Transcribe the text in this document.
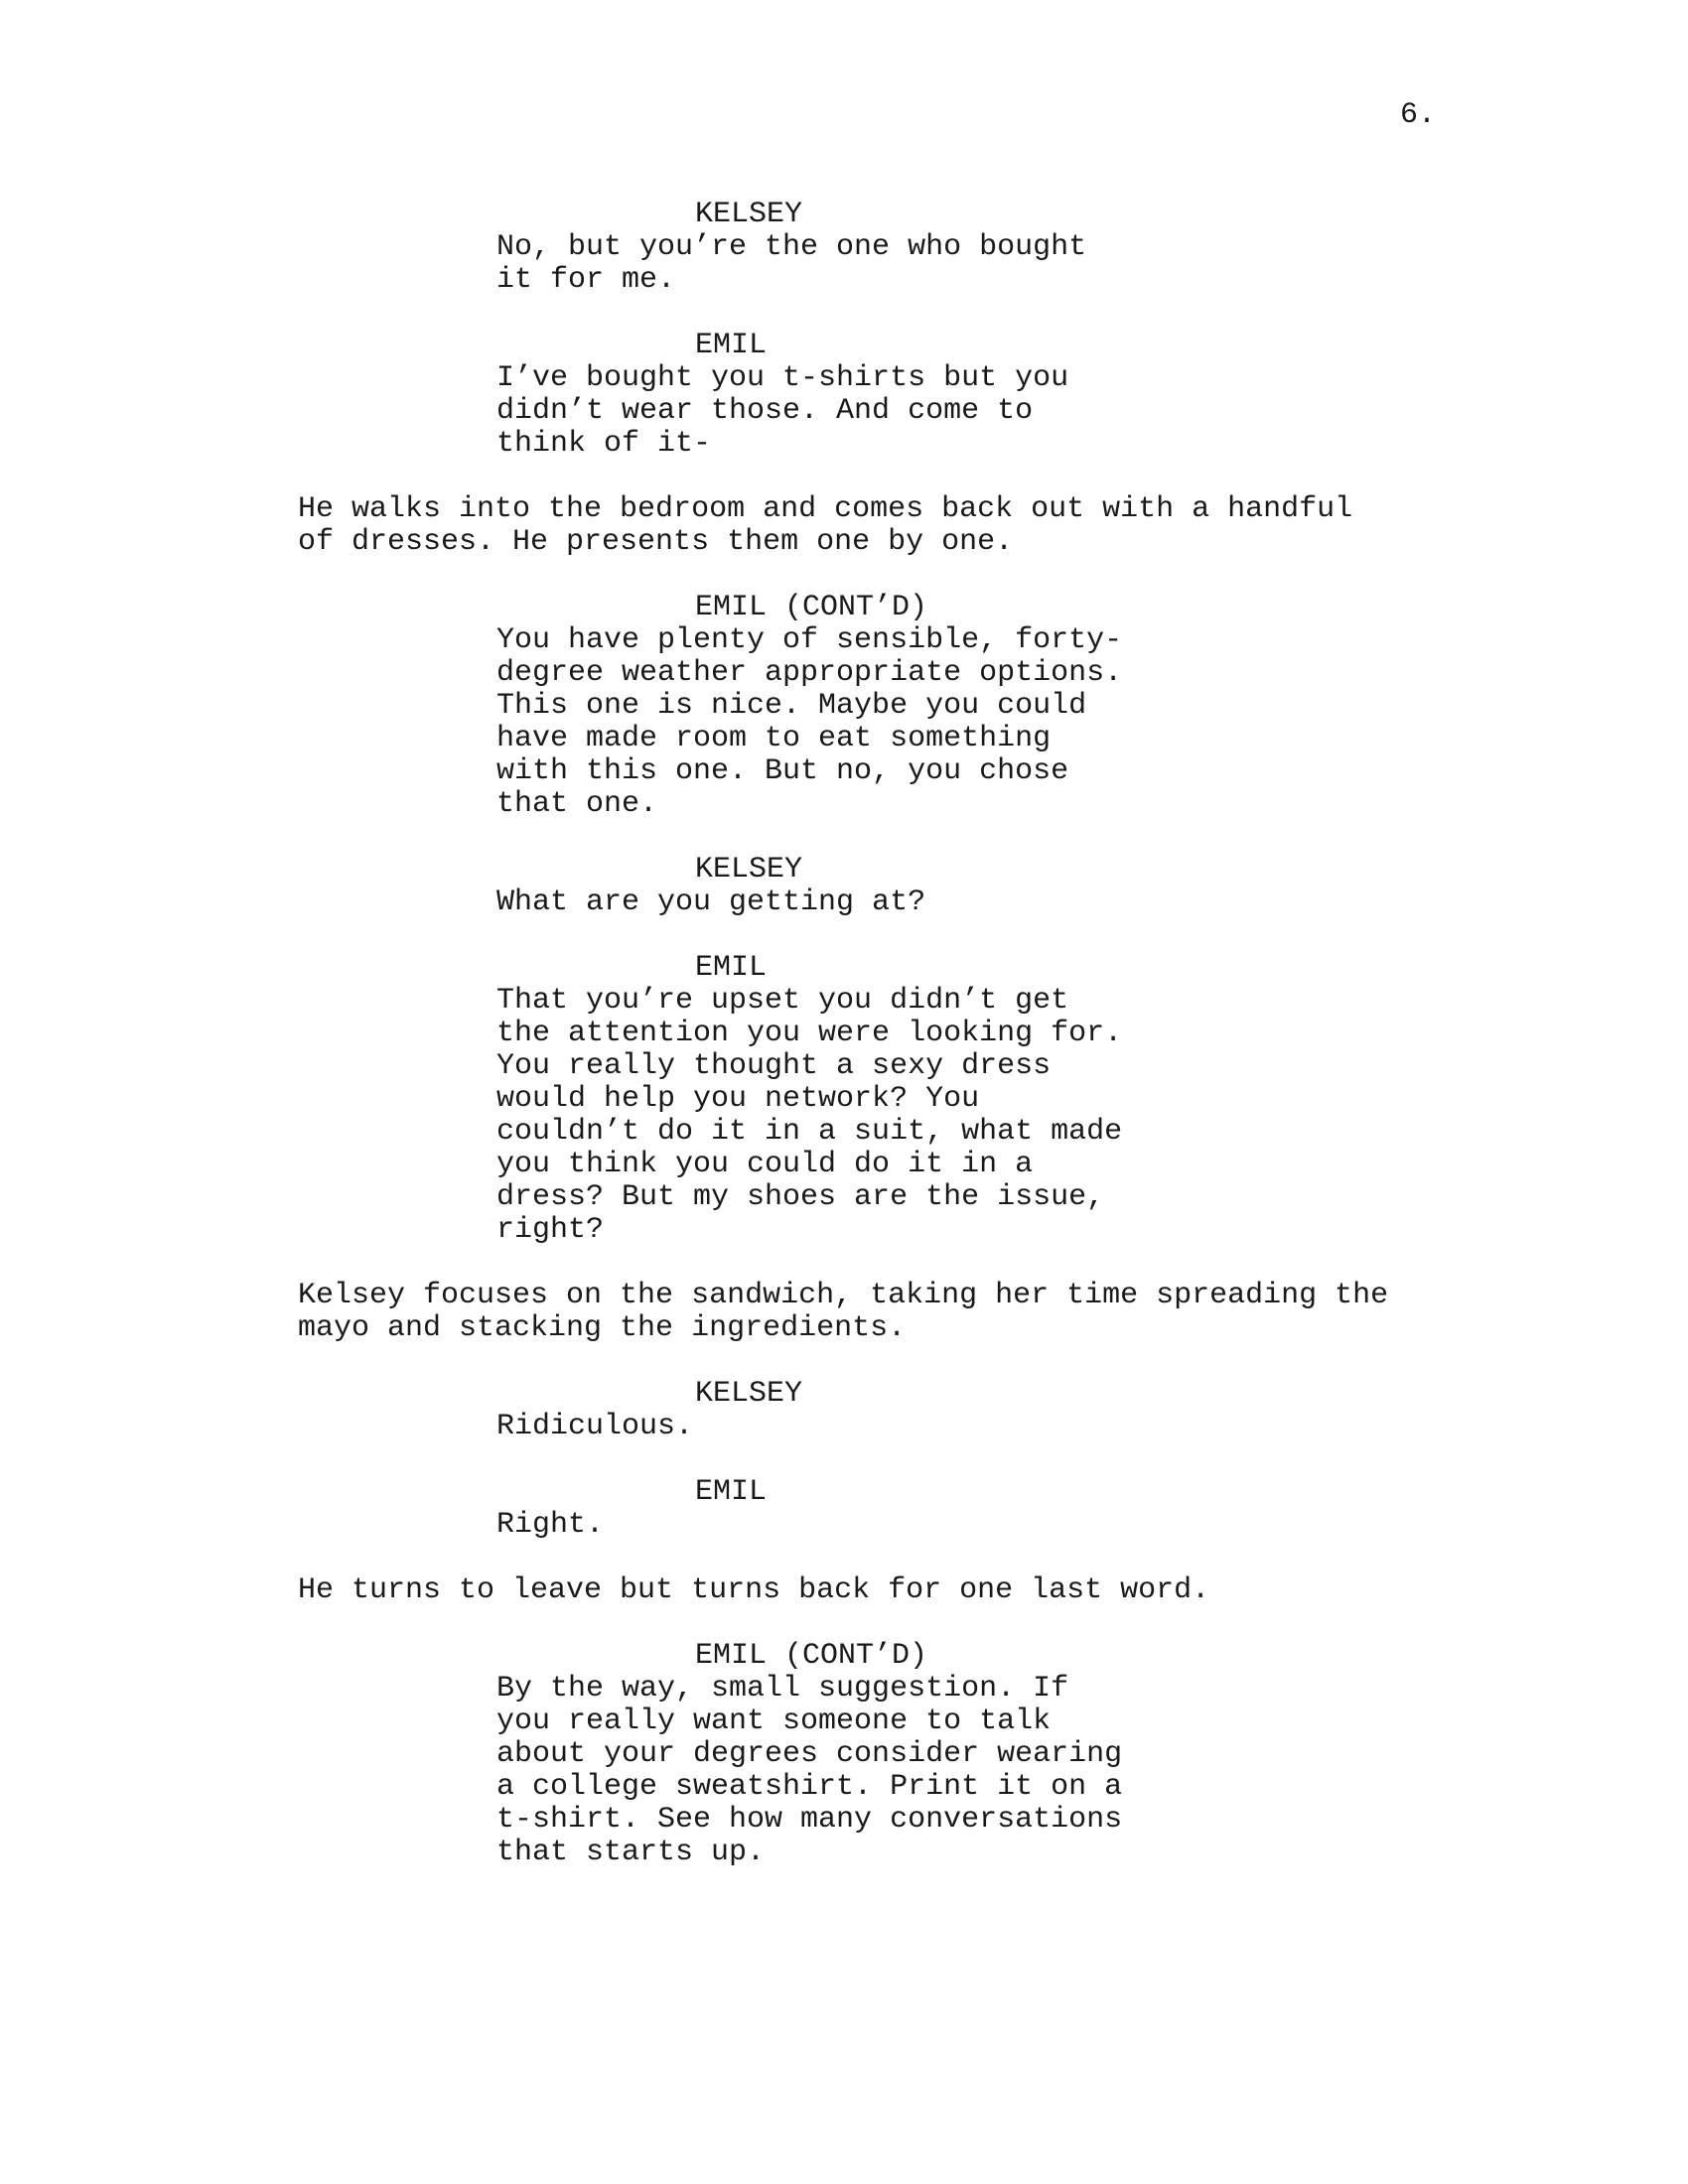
6.
KELSEY
No, but you’re the one who bought
it for me.
EMIL
I’ve bought you t-shirts but you
didn’t wear those. And come to
think of it-
He walks into the bedroom and comes back out with a handful
of dresses. He presents them one by one.
EMIL (CONT’D)
You have plenty of sensible, forty-
degree weather appropriate options.
This one is nice. Maybe you could
have made room to eat something
with this one. But no, you chose
that one.
KELSEY
What are you getting at?
EMIL
That you’re upset you didn’t get
the attention you were looking for.
You really thought a sexy dress
would help you network? You
couldn’t do it in a suit, what made
you think you could do it in a
dress? But my shoes are the issue,
right?
Kelsey focuses on the sandwich, taking her time spreading the
mayo and stacking the ingredients.
KELSEY
Ridiculous.
EMIL
Right.
He turns to leave but turns back for one last word.
EMIL (CONT’D)
By the way, small suggestion. If
you really want someone to talk
about your degrees consider wearing
a college sweatshirt. Print it on a
t-shirt. See how many conversations
that starts up.
